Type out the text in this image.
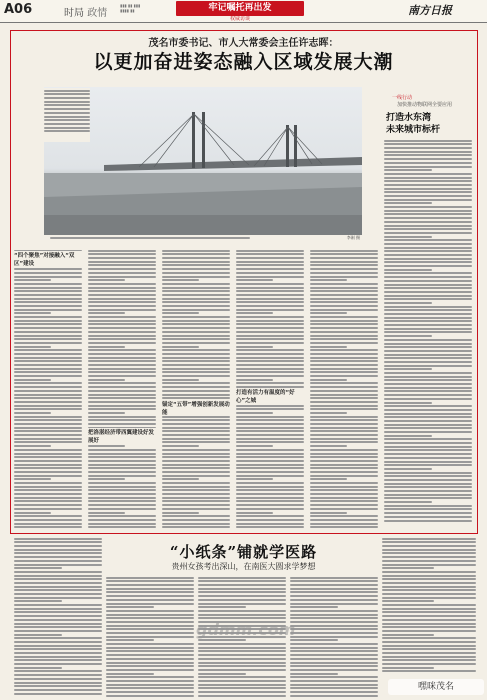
A06	时局 政情
▮▮▮ ▮▮ ▮▮▮
▮▮▮▮ ▮▮	牢记嘱托再出发
权威访谈
南方日报
茂名市委书记、市人大常委会主任许志晖：
以更加奋进姿态融入区域发展大潮
李刚 摄
一线行动
加快推动物联网全要应用
打造水东湾
未来城市标杆
“四个聚焦”对接融入“双区”建设
把洛湛经济带西翼建设好发展好
锚定“五带”增强创新发展动能
打造有活力有温度的“好心”之城
“小纸条”铺就学医路
贵州女孩考出深山，在南医大圆求学梦想
gdmm.com
嘿咪茂名
